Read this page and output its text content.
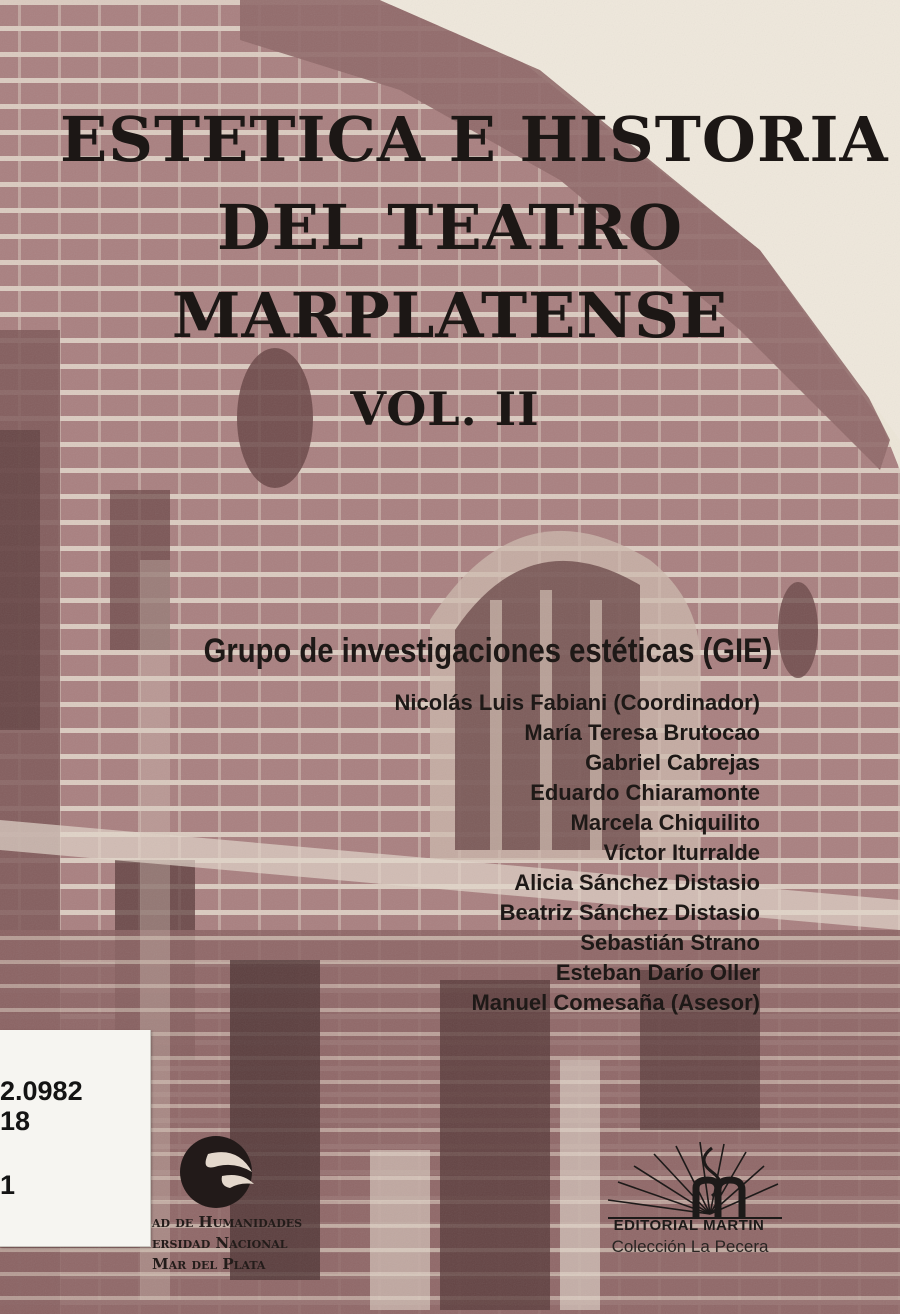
ESTETICA E HISTORIA
DEL TEATRO
MARPLATENSE
VOL. II
Grupo de investigaciones estéticas (GIE)
Nicolás Luis Fabiani (Coordinador)
María Teresa Brutocao
Gabriel Cabrejas
Eduardo Chiaramonte
Marcela Chiquilito
Víctor Iturralde
Alicia Sánchez Distasio
Beatriz Sánchez Distasio
Sebastián Strano
Esteban Darío Oller
Manuel Comesaña (Asesor)
2.0982
18
1
ad de Humanidades
ersidad Nacional
Mar del Plata
EDITORIAL MARTIN
Colección La Pecera
